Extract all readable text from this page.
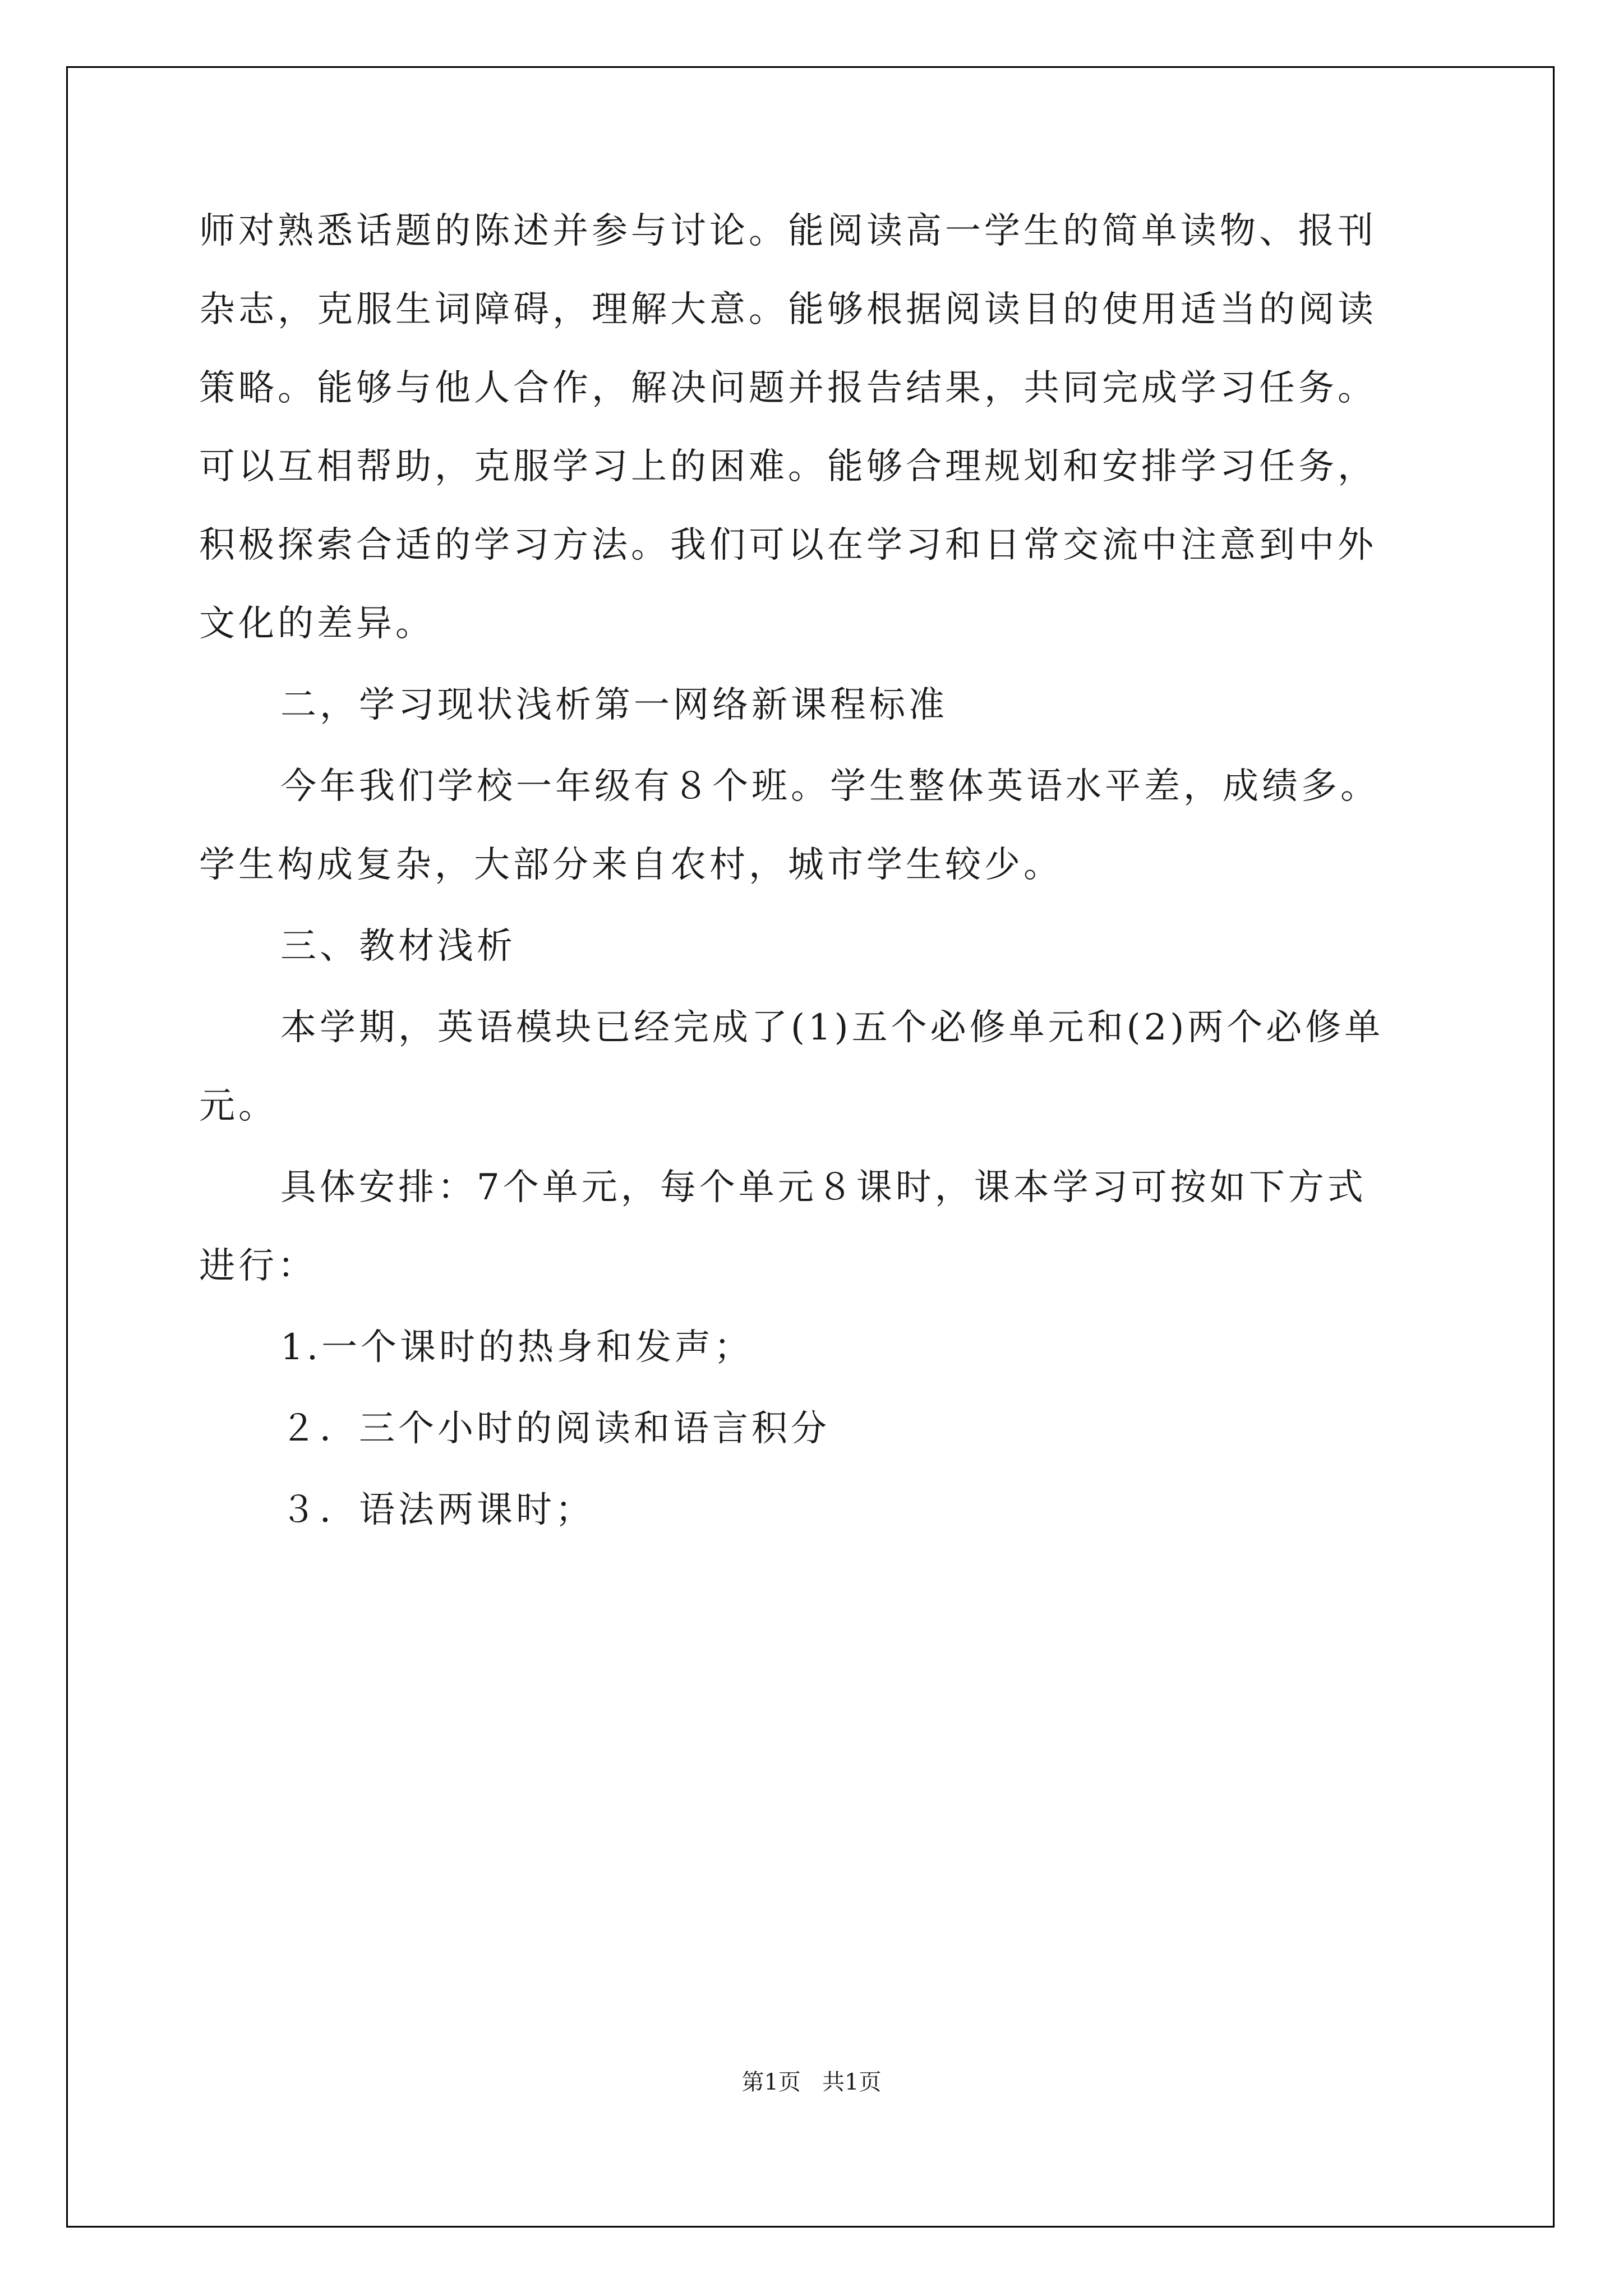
师对熟悉话题的陈述并参与讨论。能阅读高一学生的简单读物、报刊
杂志，克服生词障碍，理解大意。能够根据阅读目的使用适当的阅读
策略。能够与他人合作，解决问题并报告结果，共同完成学习任务。
可以互相帮助，克服学习上的困难。能够合理规划和安排学习任务，
积极探索合适的学习方法。我们可以在学习和日常交流中注意到中外
文化的差异。
二，学习现状浅析第一网络新课程标准
今年我们学校一年级有８个班。学生整体英语水平差，成绩多。
学生构成复杂，大部分来自农村，城市学生较少。
三、教材浅析
本学期，英语模块已经完成了(1)五个必修单元和(2)两个必修单
元。
具体安排：7个单元，每个单元８课时，课本学习可按如下方式
进行：
1.一个课时的热身和发声；
２．三个小时的阅读和语言积分
３．语法两课时；
第1页   共1页
